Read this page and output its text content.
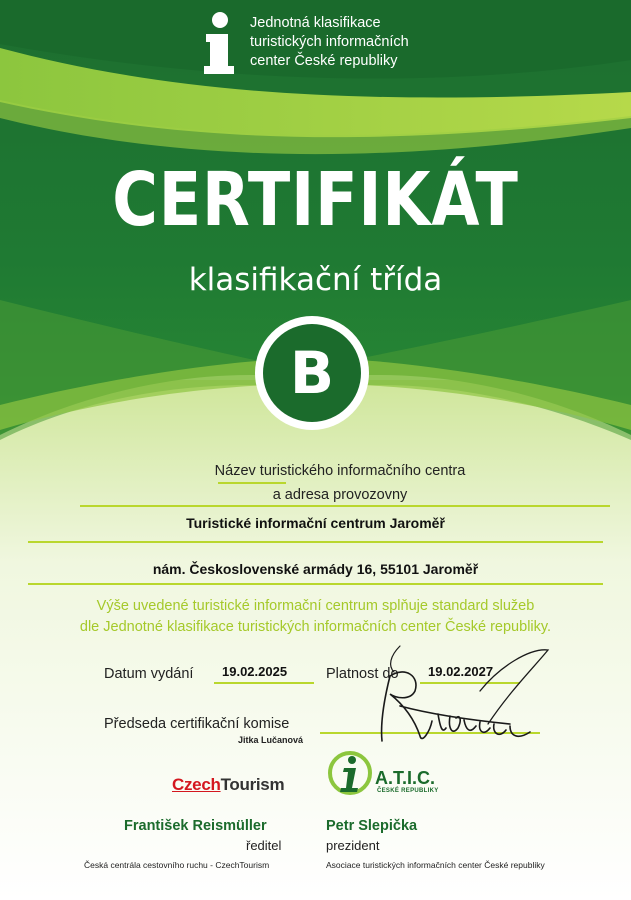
Jednotná klasifikace
turistických informačních
center České republiky
CERTIFIKÁT
klasifikační třída
B
Název turistického informačního centra
a adresa provozovny
Turistické informační centrum Jaroměř
nám. Československé armády 16, 55101 Jaroměř
Výše uvedené turistické informační centrum splňuje standard služeb
dle Jednotné klasifikace turistických informačních center České republiky.
Datum vydání 19.02.2025	Platnost do 19.02.2027
Předseda certifikační komise
Jitka Lučanová
CzechTourism	A.T.I.C.
ČESKÉ REPUBLIKY
František Reismüller
ředitel
Česká centrála cestovního ruchu - CzechTourism
Petr Slepička
prezident
Asociace turistických informačních center České republiky
